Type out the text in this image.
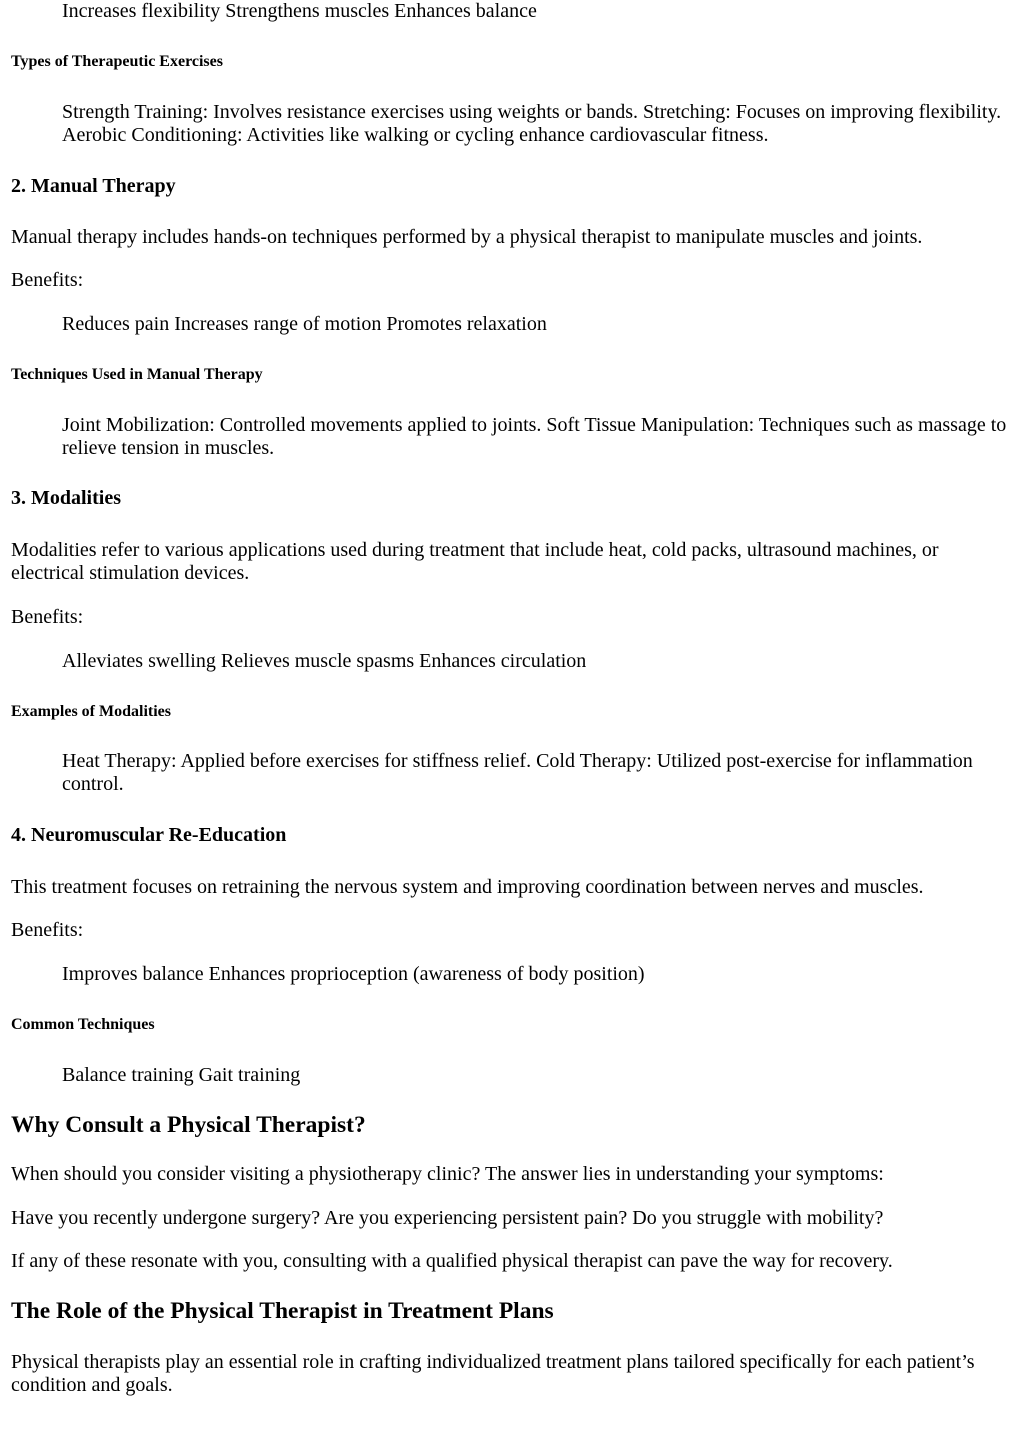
Increases flexibility Strengthens muscles Enhances balance

Types of Therapeutic Exercises

Strength Training: Involves resistance exercises using weights or bands. Stretching: Focuses on improving flexibility. Aerobic Conditioning: Activities like walking or cycling enhance cardiovascular fitness.

2. Manual Therapy

Manual therapy includes hands-on techniques performed by a physical therapist to manipulate muscles and joints.

Benefits:

Reduces pain Increases range of motion Promotes relaxation

Techniques Used in Manual Therapy

Joint Mobilization: Controlled movements applied to joints. Soft Tissue Manipulation: Techniques such as massage to relieve tension in muscles.

3. Modalities

Modalities refer to various applications used during treatment that include heat, cold packs, ultrasound machines, or electrical stimulation devices.

Benefits:

Alleviates swelling Relieves muscle spasms Enhances circulation

Examples of Modalities

Heat Therapy: Applied before exercises for stiffness relief. Cold Therapy: Utilized post-exercise for inflammation control.

4. Neuromuscular Re-Education

This treatment focuses on retraining the nervous system and improving coordination between nerves and muscles.

Benefits:

Improves balance Enhances proprioception (awareness of body position)

Common Techniques

Balance training Gait training

Why Consult a Physical Therapist?

When should you consider visiting a physiotherapy clinic? The answer lies in understanding your symptoms:

Have you recently undergone surgery? Are you experiencing persistent pain? Do you struggle with mobility?

If any of these resonate with you, consulting with a qualified physical therapist can pave the way for recovery.

The Role of the Physical Therapist in Treatment Plans

Physical therapists play an essential role in crafting individualized treatment plans tailored specifically for each patient’s condition and goals.
